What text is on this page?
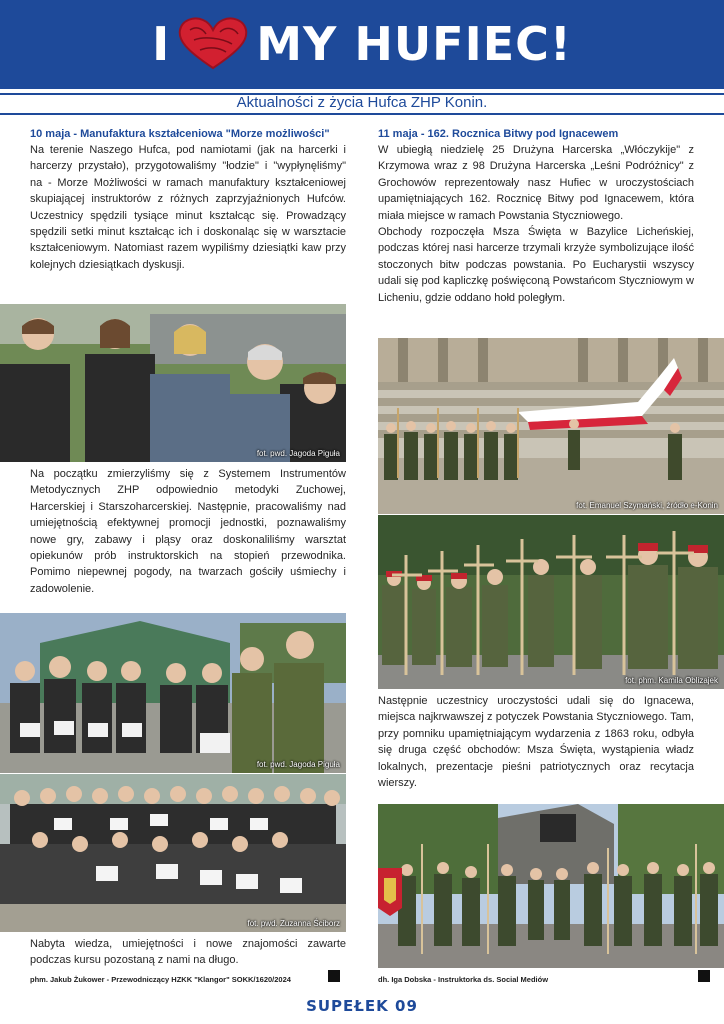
I MY HUFIEC!
Aktualności z życia Hufca ZHP Konin.
10 maja - Manufaktura kształceniowa "Morze możliwości"

Na terenie Naszego Hufca, pod namiotami (jak na harcerki i harcerzy przystało), przygotowaliśmy "łodzie" i "wypłynęliśmy" na - Morze Możliwości w ramach manufaktury kształceniowej skupiającej instruktorów z różnych zaprzyjaźnionych Hufców. Uczestnicy spędzili tysiące minut kształcąc się. Prowadzący spędzili setki minut kształcąc ich i doskonaląc się w warsztacie kształceniowym. Natomiast razem wypiliśmy dziesiątki kaw przy kolejnych dziesiątkach dyskusji.

fot. pwd. Jagoda Piguła

Na początku zmierzyliśmy się z Systemem Instrumentów Metodycznych ZHP odpowiednio metodyki Zuchowej, Harcerskiej i Starszoharcerskiej. Następnie, pracowaliśmy nad umiejętnością efektywnej promocji jednostki, poznawaliśmy nowe gry, zabawy i pląsy oraz doskonaliliśmy warsztat opiekunów prób instruktorskich na stopień przewodnika. Pomimo niepewnej pogody, na twarzach gościły uśmiechy i zadowolenie.

fot. pwd. Jagoda Piguła
fot. pwd. Zuzanna Ściborz

Nabyta wiedza, umiejętności i nowe znajomości zawarte podczas kursu pozostaną z nami na długo.

phm. Jakub Żukower - Przewodniczący HZKK "Klangor" SOKK/1620/2024
11 maja - 162. Rocznica Bitwy pod Ignacewem

W ubiegłą niedzielę 25 Drużyna Harcerska „Włóczykije" z Krzymowa wraz z 98 Drużyna Harcerska „Leśni Podróżnicy" z Grochowów reprezentowały nasz Hufiec w uroczystościach upamiętniających 162. Rocznicę Bitwy pod Ignacewem, która miała miejsce w ramach Powstania Styczniowego.

Obchody rozpoczęła Msza Święta w Bazylice Licheńskiej, podczas której nasi harcerze trzymali krzyże symbolizujące ilość stoczonych bitw podczas powstania. Po Eucharystii wszyscy udali się pod kapliczkę poświęconą Powstańcom Styczniowym w Licheniu, gdzie oddano hołd poległym.

fot. Emanuel Szymański, źródło e-Konin
fot. phm. Kamila Oblizajek

Następnie uczestnicy uroczystości udali się do Ignacewa, miejsca najkrwawszej z potyczek Powstania Styczniowego. Tam, przy pomniku upamiętniającym wydarzenia z 1863 roku, odbyła się druga część obchodów: Msza Święta, wystąpienia władz lokalnych, prezentacje pieśni patriotycznych oraz recytacja wierszy.

dh. Iga Dobska - Instruktorka ds. Social Mediów
SUPEŁEK 09
